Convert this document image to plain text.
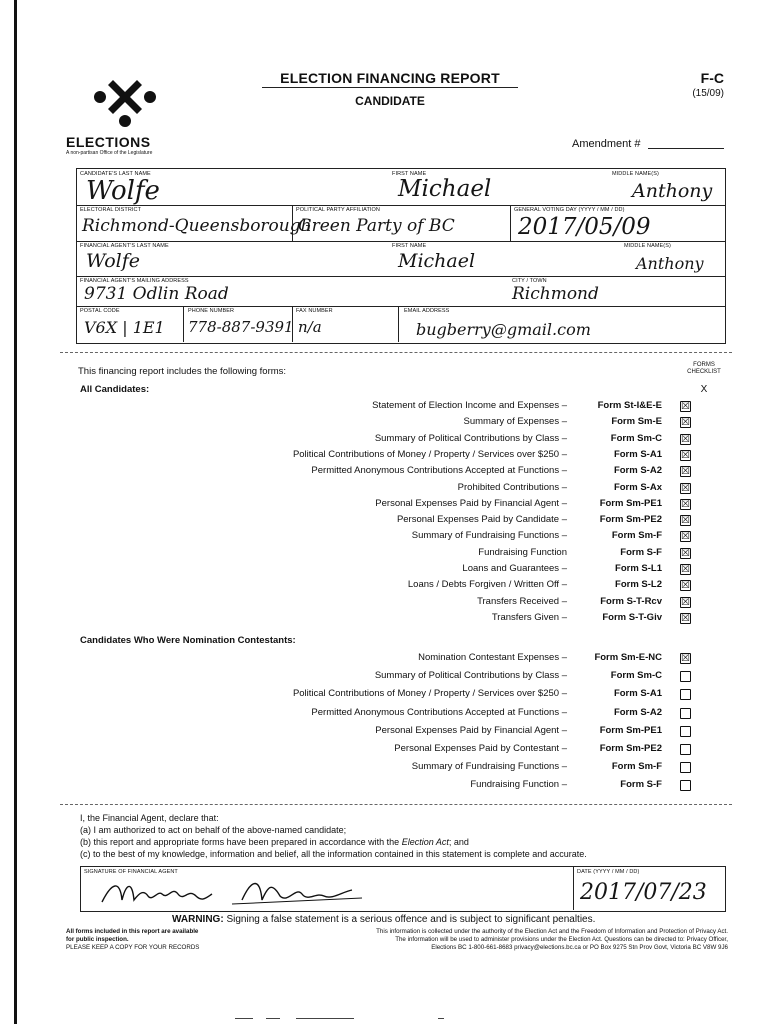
ELECTIONS
A non-partisan Office of the Legislature
ELECTION FINANCING REPORT
CANDIDATE
F-C
(15/09)
Amendment #
CANDIDATE'S LAST NAME
Wolfe
FIRST NAME
Michael
MIDDLE NAME(S)
Anthony
ELECTORAL DISTRICT
Richmond-Queensborough
POLITICAL PARTY AFFILIATION
Green Party of BC
GENERAL VOTING DAY (YYYY / MM / DD)
2017/05/09
FINANCIAL AGENT'S LAST NAME
Wolfe
FIRST NAME
Michael
MIDDLE NAME(S)
Anthony
FINANCIAL AGENT'S MAILING ADDRESS
9731 Odlin Road
CITY / TOWN
Richmond
POSTAL CODE
V6X | 1E1
PHONE NUMBER
778-887-9391
FAX NUMBER
n/a
EMAIL ADDRESS
bugberry@gmail.com
This financing report includes the following forms:
FORMS
CHECKLIST
X
All Candidates:
Statement of Election Income and Expenses –	Form St-I&E-E ☒
Summary of Expenses –	Form Sm-E ☒
Summary of Political Contributions by Class –	Form Sm-C ☒
Political Contributions of Money / Property / Services over $250 –	Form S-A1 ☒
Permitted Anonymous Contributions Accepted at Functions –	Form S-A2 ☒
Prohibited Contributions –	Form S-Ax ☒
Personal Expenses Paid by Financial Agent –	Form Sm-PE1 ☒
Personal Expenses Paid by Candidate –	Form Sm-PE2 ☒
Summary of Fundraising Functions –	Form Sm-F ☒
Fundraising Function	Form S-F ☒
Loans and Guarantees –	Form S-L1 ☒
Loans / Debts Forgiven / Written Off –	Form S-L2 ☒
Transfers Received –	Form S-T-Rcv ☒
Transfers Given –	Form S-T-Giv ☒
Candidates Who Were Nomination Contestants:
Nomination Contestant Expenses –	Form Sm-E-NC ☒
Summary of Political Contributions by Class –	Form Sm-C
Political Contributions of Money / Property / Services over $250 –	Form S-A1
Permitted Anonymous Contributions Accepted at Functions –	Form S-A2
Personal Expenses Paid by Financial Agent –	Form Sm-PE1
Personal Expenses Paid by Contestant –	Form Sm-PE2
Summary of Fundraising Functions –	Form Sm-F
Fundraising Function –	Form S-F
I, the Financial Agent, declare that:
(a) I am authorized to act on behalf of the above-named candidate;
(b) this report and appropriate forms have been prepared in accordance with the Election Act; and
(c) to the best of my knowledge, information and belief, all the information contained in this statement is complete and accurate.
SIGNATURE OF FINANCIAL AGENT	DATE (YYYY / MM / DD)
2017/07/23
WARNING: Signing a false statement is a serious offence and is subject to significant penalties.
All forms included in this report are available
for public inspection.
PLEASE KEEP A COPY FOR YOUR RECORDS
This information is collected under the authority of the Election Act and the Freedom of Information and Protection of Privacy Act.
The information will be used to administer provisions under the Election Act. Questions can be directed to: Privacy Officer,
Elections BC 1-800-661-8683 privacy@elections.bc.ca or PO Box 9275 Stn Prov Govt, Victoria BC V8W 9J6
